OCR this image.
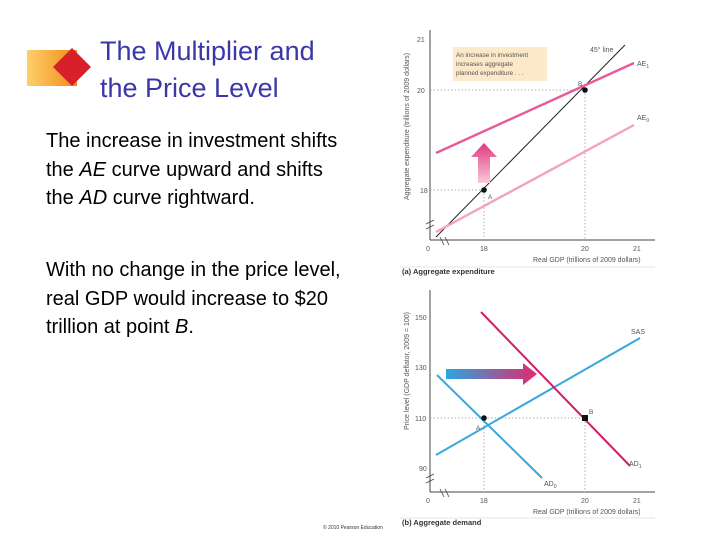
The Multiplier and
the Price Level
The increase in investment shifts the AE curve upward and shifts the AD curve rightward.
With no change in the price level, real GDP would increase to $20 trillion at point B.
© 2010 Pearson Education
Aggregate expenditure (trillions of 2009 dollars)
21
20
18
0	18	20	21
Real GDP (trillions of 2009 dollars)
(a) Aggregate expenditure
An increase in investment
increases aggregate
planned expenditure . . .
45° line
$AE_1$
$AE_0$
A
B
Price level (GDP deflator, 2009 = 100) 150
130
110
90
0	18	20	21
Real GDP (trillions of 2009 dollars)
(b) Aggregate demand
SAS
$AD_1$
$AD_0$
A
B
